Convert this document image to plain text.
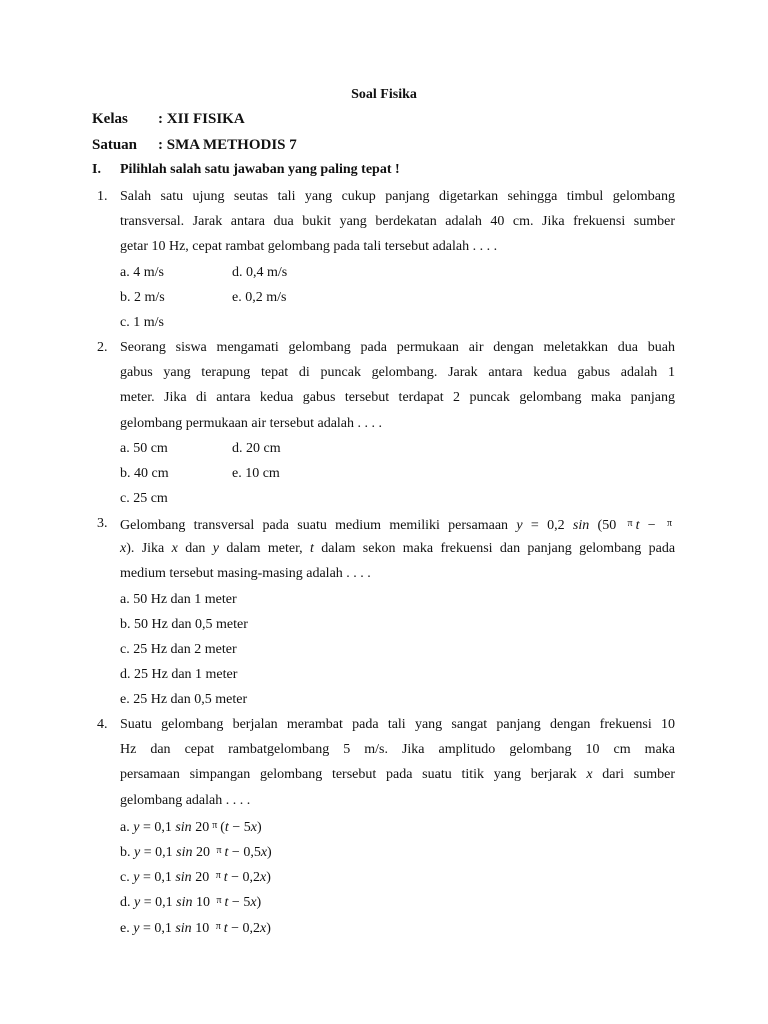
Soal Fisika
Kelas : XII FISIKA
Satuan : SMA METHODIS 7
I. Pilihlah salah satu jawaban yang paling tepat !
1. Salah satu ujung seutas tali yang cukup panjang digetarkan sehingga timbul gelombang
transversal. Jarak antara dua bukit yang berdekatan adalah 40 cm. Jika frekuensi sumber
getar 10 Hz, cepat rambat gelombang pada tali tersebut adalah . . . .
a. 4 m/s	d. 0,4 m/s
b. 2 m/s	e. 0,2 m/s
c. 1 m/s
2. Seorang siswa mengamati gelombang pada permukaan air dengan meletakkan dua buah
gabus yang terapung tepat di puncak gelombang. Jarak antara kedua gabus adalah 1
meter. Jika di antara kedua gabus tersebut terdapat 2 puncak gelombang maka panjang
gelombang permukaan air tersebut adalah . . . .
a. 50 cm	d. 20 cm
b. 40 cm	e. 10 cm
c. 25 cm
3. Gelombang transversal pada suatu medium memiliki persamaan y = 0,2 sin (50 $^\pi$ t − $^\pi$
x). Jika x dan y dalam meter, t dalam sekon maka frekuensi dan panjang gelombang pada
medium tersebut masing-masing adalah . . . .
a. 50 Hz dan 1 meter
b. 50 Hz dan 0,5 meter
c. 25 Hz dan 2 meter
d. 25 Hz dan 1 meter
e. 25 Hz dan 0,5 meter
4. Suatu gelombang berjalan merambat pada tali yang sangat panjang dengan frekuensi 10
Hz dan cepat rambatgelombang 5 m/s. Jika amplitudo gelombang 10 cm maka
persamaan simpangan gelombang tersebut pada suatu titik yang berjarak x dari sumber
gelombang adalah . . . .
a. y = 0,1 sin 20 $^\pi$ (t − 5x)
b. y = 0,1 sin 20 $^\pi$ t − 0,5x)
c. y = 0,1 sin 20 $^\pi$ t − 0,2x)
d. y = 0,1 sin 10 $^\pi$ t − 5x)
e. y = 0,1 sin 10 $^\pi$ t − 0,2x)
